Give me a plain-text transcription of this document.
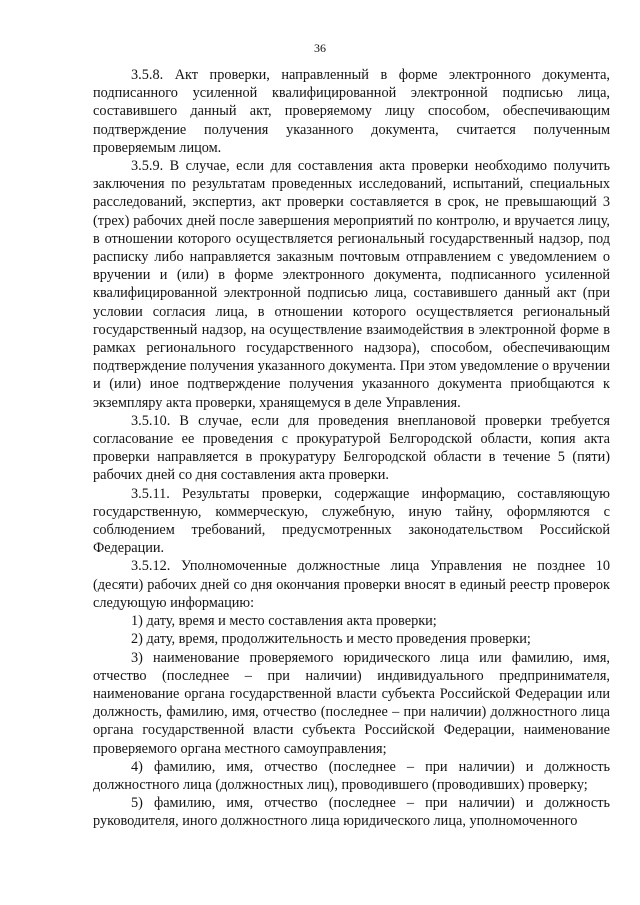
36

3.5.8. Акт проверки, направленный в форме электронного документа, подписанного усиленной квалифицированной электронной подписью лица, составившего данный акт, проверяемому лицу способом, обеспечивающим подтверждение получения указанного документа, считается полученным проверяемым лицом.

3.5.9. В случае, если для составления акта проверки необходимо получить заключения по результатам проведенных исследований, испытаний, специальных расследований, экспертиз, акт проверки составляется в срок, не превышающий 3 (трех) рабочих дней после завершения мероприятий по контролю, и вручается лицу, в отношении которого осуществляется региональный государственный надзор, под расписку либо направляется заказным почтовым отправлением с уведомлением о вручении и (или) в форме электронного документа, подписанного усиленной квалифицированной электронной подписью лица, составившего данный акт (при условии согласия лица, в отношении которого осуществляется региональный государственный надзор, на осуществление взаимодействия в электронной форме в рамках регионального государственного надзора), способом, обеспечивающим подтверждение получения указанного документа. При этом уведомление о вручении и (или) иное подтверждение получения указанного документа приобщаются к экземпляру акта проверки, хранящемуся в деле Управления.

3.5.10. В случае, если для проведения внеплановой проверки требуется согласование ее проведения с прокуратурой Белгородской области, копия акта проверки направляется в прокуратуру Белгородской области в течение 5 (пяти) рабочих дней со дня составления акта проверки.

3.5.11. Результаты проверки, содержащие информацию, составляющую государственную, коммерческую, служебную, иную тайну, оформляются с соблюдением требований, предусмотренных законодательством Российской Федерации.

3.5.12. Уполномоченные должностные лица Управления не позднее 10 (десяти) рабочих дней со дня окончания проверки вносят в единый реестр проверок следующую информацию:

1) дату, время и место составления акта проверки;

2) дату, время, продолжительность и место проведения проверки;

3) наименование проверяемого юридического лица или фамилию, имя, отчество (последнее – при наличии) индивидуального предпринимателя, наименование органа государственной власти субъекта Российской Федерации или должность, фамилию, имя, отчество (последнее – при наличии) должностного лица органа государственной власти субъекта Российской Федерации, наименование проверяемого органа местного самоуправления;

4) фамилию, имя, отчество (последнее – при наличии) и должность должностного лица (должностных лиц), проводившего (проводивших) проверку;

5) фамилию, имя, отчество (последнее – при наличии) и должность руководителя, иного должностного лица юридического лица, уполномоченного
